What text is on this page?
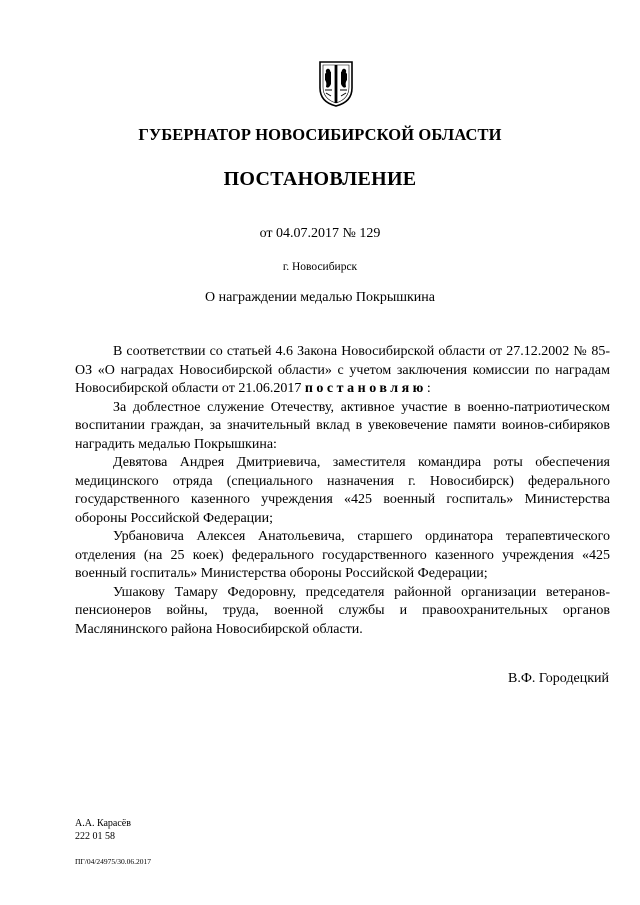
ГУБЕРНАТОР НОВОСИБИРСКОЙ ОБЛАСТИ
ПОСТАНОВЛЕНИЕ
от 04.07.2017 № 129
г. Новосибирск
О награждении медалью Покрышкина

В соответствии со статьей 4.6 Закона Новосибирской области от 27.12.2002 № 85-ОЗ «О наградах Новосибирской области» с учетом заключения комиссии по наградам Новосибирской области от 21.06.2017 постановляю:

За доблестное служение Отечеству, активное участие в военно-патриотическом воспитании граждан, за значительный вклад в увековечение памяти воинов-сибиряков наградить медалью Покрышкина:

Девятова Андрея Дмитриевича, заместителя командира роты обеспечения медицинского отряда (специального назначения г. Новосибирск) федерального государственного казенного учреждения «425 военный госпиталь» Министерства обороны Российской Федерации;

Урбановича Алексея Анатольевича, старшего ординатора терапевтического отделения (на 25 коек) федерального государственного казенного учреждения «425 военный госпиталь» Министерства обороны Российской Федерации;

Ушакову Тамару Федоровну, председателя районной организации ветеранов-пенсионеров войны, труда, военной службы и правоохранительных органов Маслянинского района Новосибирской области.

В.Ф. Городецкий
А.А. Карасёв
222 01 58
ПГ/04/24975/30.06.2017
